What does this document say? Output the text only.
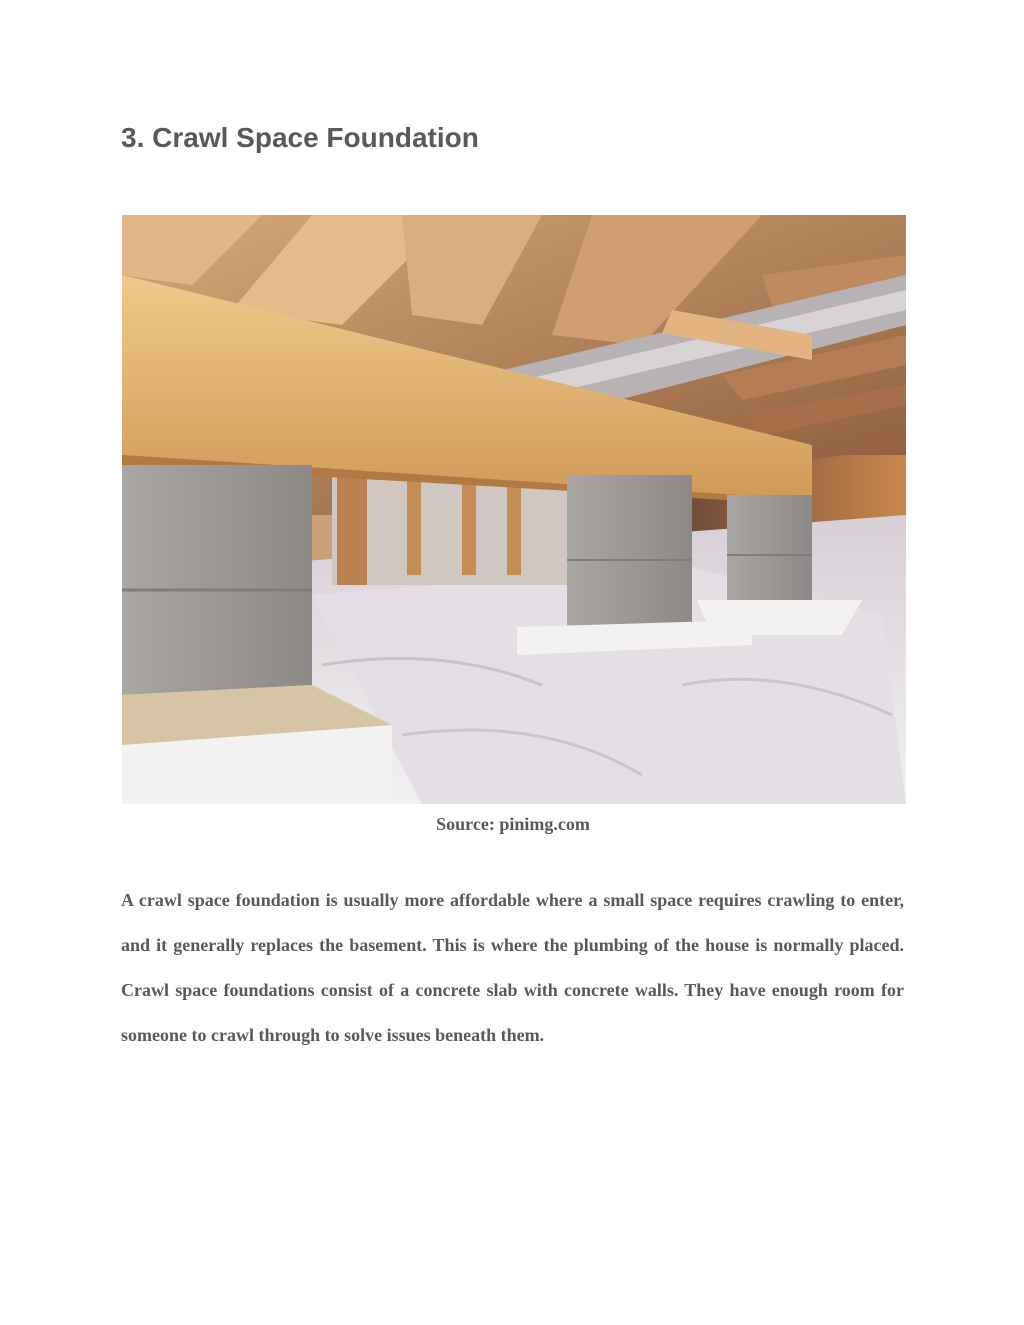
3. Crawl Space Foundation
Source: pinimg.com

A crawl space foundation is usually more affordable where a small space requires crawling to enter, and it generally replaces the basement. This is where the plumbing of the house is normally placed. Crawl space foundations consist of a concrete slab with concrete walls. They have enough room for someone to crawl through to solve issues beneath them.
